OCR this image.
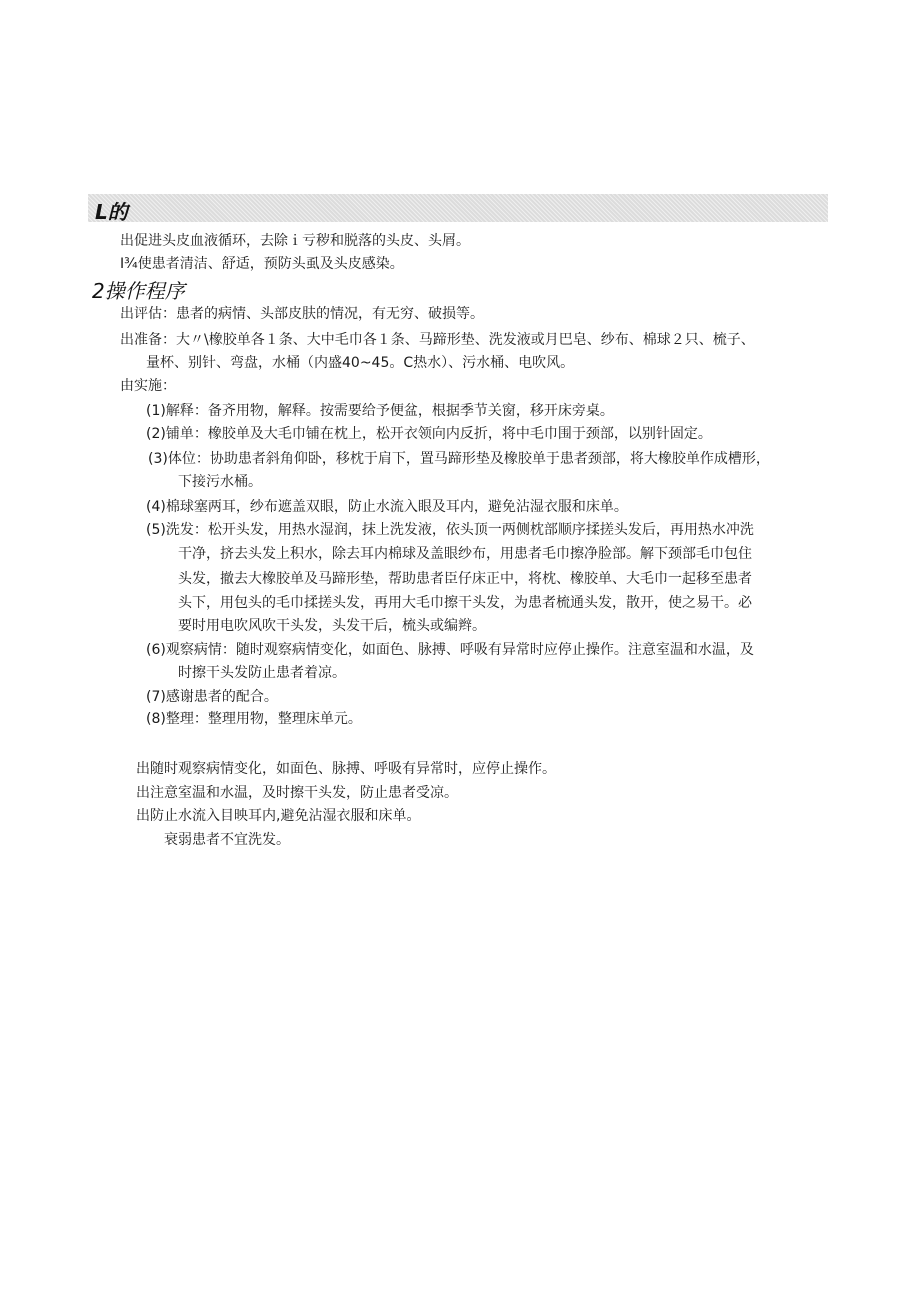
L的
出促进头皮血液循环，去除ｉ亏秽和脱落的头皮、头屑。
I¾使患者清洁、舒适，预防头虱及头皮感染。
2操作程序
出评估：患者的病情、头部皮肤的情况，有无穷、破损等。
出准备：大〃\橡胶单各１条、大中毛巾各１条、马蹄形垫、洗发液或月巴皂、纱布、棉球２只、梳子、
量杯、别针、弯盘，水桶（内盛40~45。C热水）、污水桶、电吹风。
由实施：
(1)解释：备齐用物，解释。按需要给予便盆，根据季节关窗，移开床旁桌。
(2)铺单：橡胶单及大毛巾铺在枕上，松开衣领向内反折，将中毛巾围于颈部，以别针固定。
(3)体位：协助患者斜角仰卧，移枕于肩下，置马蹄形垫及橡胶单于患者颈部，将大橡胶单作成槽形，
下接污水桶。
(4)棉球塞两耳，纱布遮盖双眼，防止水流入眼及耳内，避免沾湿衣服和床单。
(5)洗发：松开头发，用热水湿润，抹上洗发液，依头顶一两侧枕部顺序揉搓头发后，再用热水冲洗
干净，挤去头发上积水，除去耳内棉球及盖眼纱布，用患者毛巾擦净脸部。解下颈部毛巾包住
头发，撤去大橡胶单及马蹄形垫，帮助患者臣仔床正中，将枕、橡胶单、大毛巾一起移至患者
头下，用包头的毛巾揉搓头发，再用大毛巾擦干头发，为患者梳通头发，散开，使之易干。必
要时用电吹风吹干头发，头发干后，梳头或编辫。
(6)观察病情：随时观察病情变化，如面色、脉搏、呼吸有异常时应停止操作。注意室温和水温，及
时擦干头发防止患者着凉。
(7)感谢患者的配合。
(8)整理：整理用物，整理床单元。
出随时观察病情变化，如面色、脉搏、呼吸有异常时，应停止操作。
出注意室温和水温，及时擦干头发，防止患者受凉。
出防止水流入目映耳内,避免沾湿衣服和床单。
衰弱患者不宜洗发。
